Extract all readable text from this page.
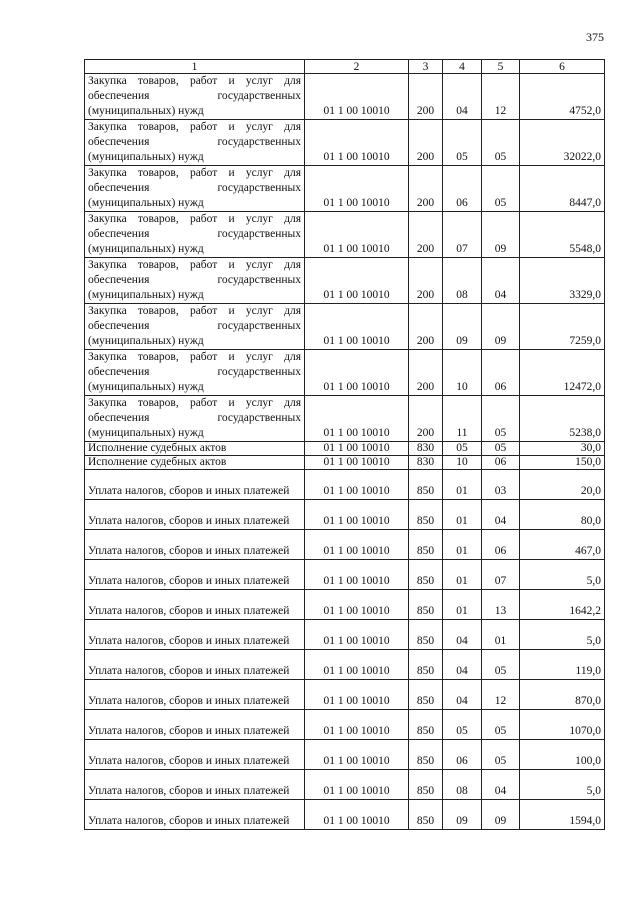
375
1	2	3	4	5	6
Закупка товаров, работ и услуг для обеспечения государственных (муниципальных) нужд	01 1 00 10010	200	04	12	4752,0
Закупка товаров, работ и услуг для обеспечения государственных (муниципальных) нужд	01 1 00 10010	200	05	05	32022,0
Закупка товаров, работ и услуг для обеспечения государственных (муниципальных) нужд	01 1 00 10010	200	06	05	8447,0
Закупка товаров, работ и услуг для обеспечения государственных (муниципальных) нужд	01 1 00 10010	200	07	09	5548,0
Закупка товаров, работ и услуг для обеспечения государственных (муниципальных) нужд	01 1 00 10010	200	08	04	3329,0
Закупка товаров, работ и услуг для обеспечения государственных (муниципальных) нужд	01 1 00 10010	200	09	09	7259,0
Закупка товаров, работ и услуг для обеспечения государственных (муниципальных) нужд	01 1 00 10010	200	10	06	12472,0
Закупка товаров, работ и услуг для обеспечения государственных (муниципальных) нужд	01 1 00 10010	200	11	05	5238,0
Исполнение судебных актов	01 1 00 10010	830	05	05	30,0
Исполнение судебных актов	01 1 00 10010	830	10	06	150,0
Уплата налогов, сборов и иных платежей	01 1 00 10010	850	01	03	20,0
Уплата налогов, сборов и иных платежей	01 1 00 10010	850	01	04	80,0
Уплата налогов, сборов и иных платежей	01 1 00 10010	850	01	06	467,0
Уплата налогов, сборов и иных платежей	01 1 00 10010	850	01	07	5,0
Уплата налогов, сборов и иных платежей	01 1 00 10010	850	01	13	1642,2
Уплата налогов, сборов и иных платежей	01 1 00 10010	850	04	01	5,0
Уплата налогов, сборов и иных платежей	01 1 00 10010	850	04	05	119,0
Уплата налогов, сборов и иных платежей	01 1 00 10010	850	04	12	870,0
Уплата налогов, сборов и иных платежей	01 1 00 10010	850	05	05	1070,0
Уплата налогов, сборов и иных платежей	01 1 00 10010	850	06	05	100,0
Уплата налогов, сборов и иных платежей	01 1 00 10010	850	08	04	5,0
Уплата налогов, сборов и иных платежей	01 1 00 10010	850	09	09	1594,0
